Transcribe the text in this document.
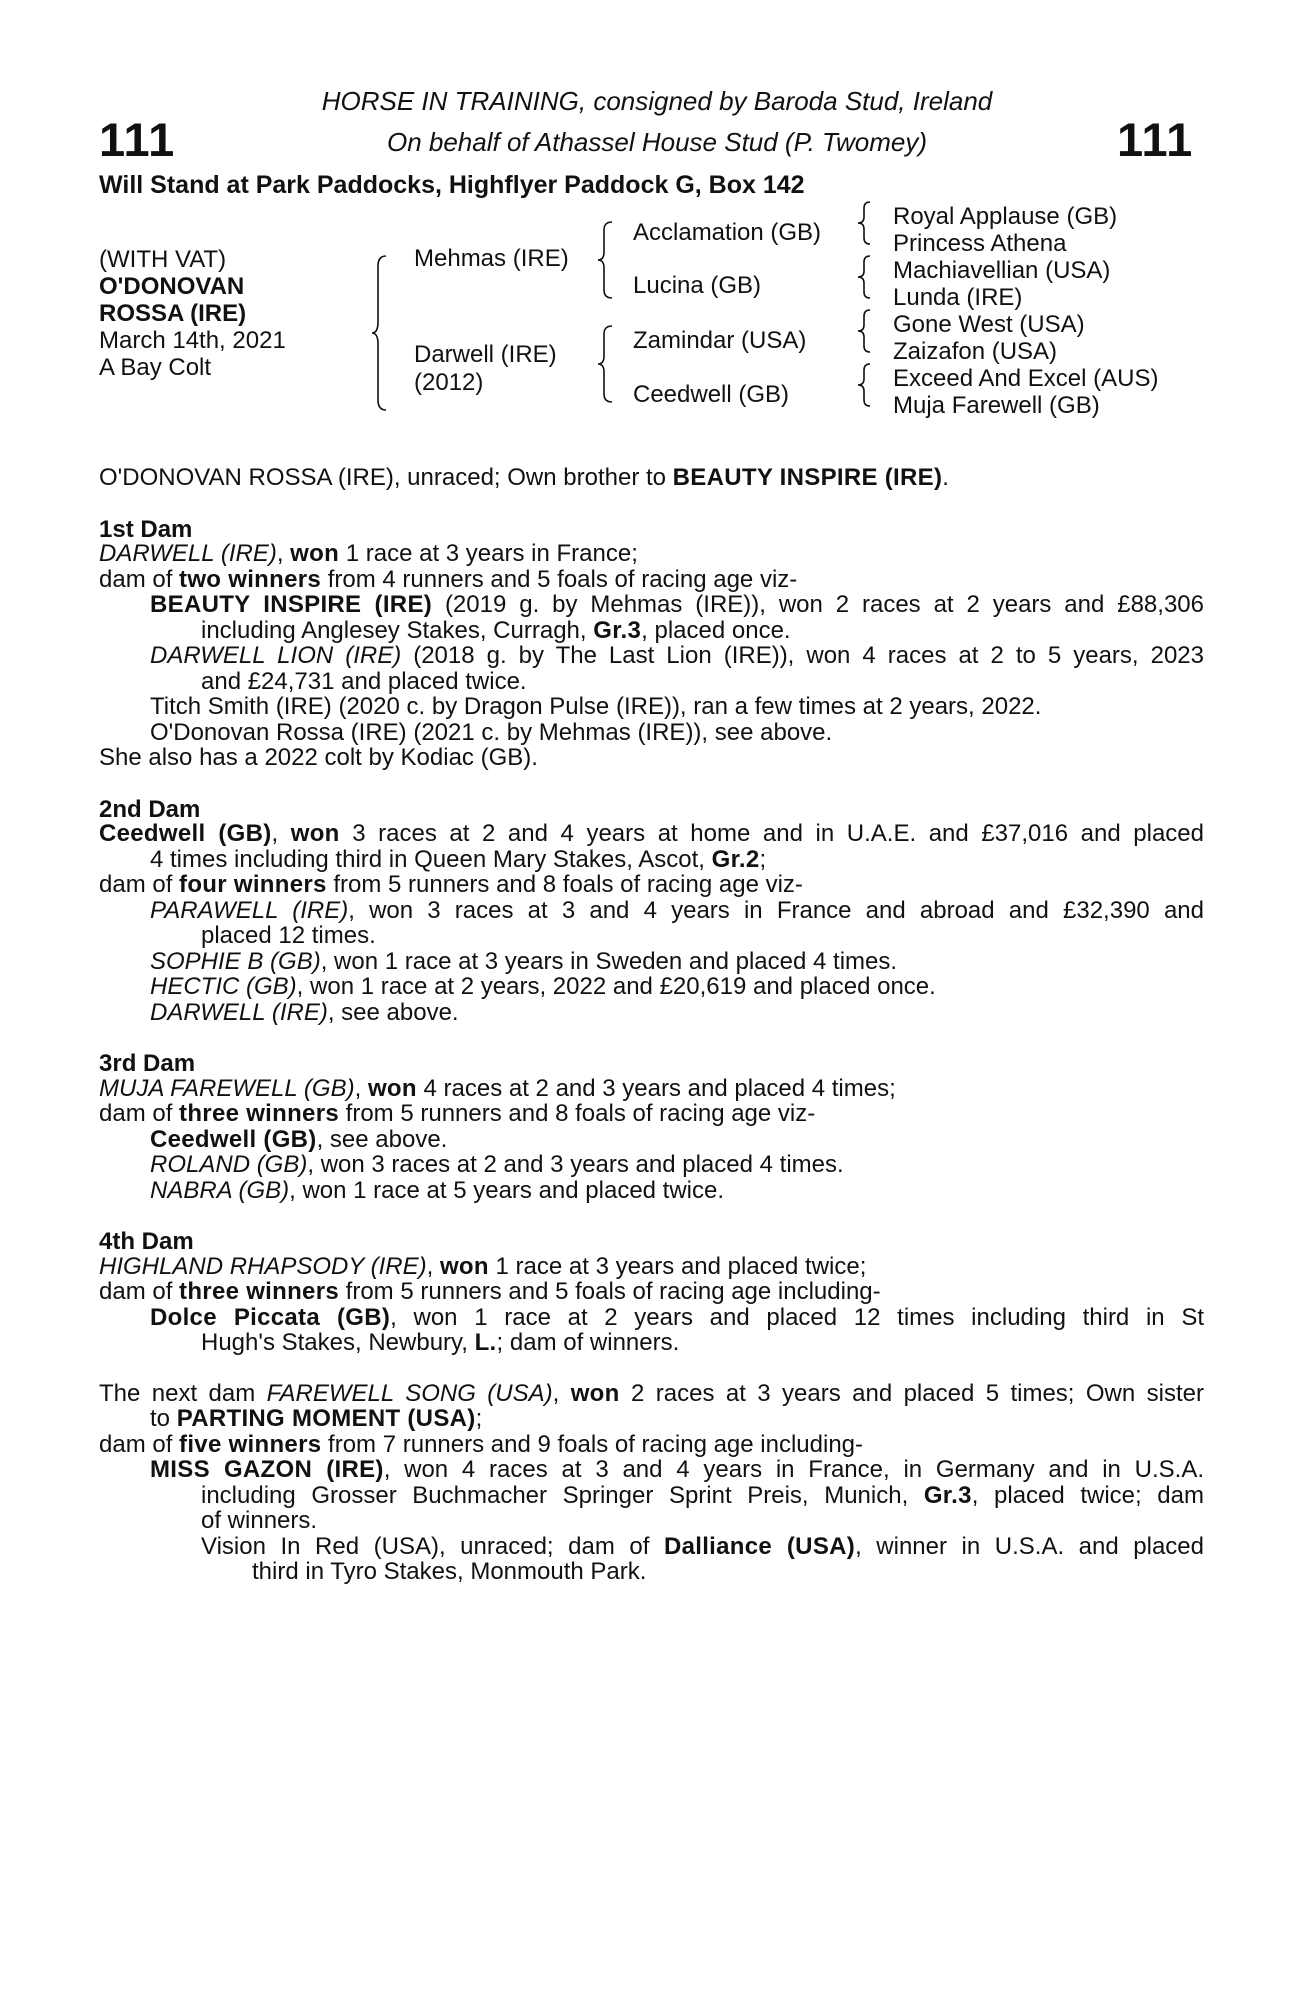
111	111
HORSE IN TRAINING, consigned by Baroda Stud, Ireland
On behalf of Athassel House Stud (P. Twomey)
Will Stand at Park Paddocks, Highflyer Paddock G, Box 142
(WITH VAT)
O'DONOVAN
ROSSA (IRE)
March 14th, 2021
A Bay Colt
Mehmas (IRE)
Darwell (IRE)
(2012)
Acclamation (GB)
Lucina (GB)
Zamindar (USA)
Ceedwell (GB)
Royal Applause (GB)
Princess Athena
Machiavellian (USA)
Lunda (IRE)
Gone West (USA)
Zaizafon (USA)
Exceed And Excel (AUS)
Muja Farewell (GB)
O'DONOVAN ROSSA (IRE), unraced; Own brother to BEAUTY INSPIRE (IRE).
1st Dam
DARWELL (IRE), won 1 race at 3 years in France;
dam of two winners from 4 runners and 5 foals of racing age viz-
BEAUTY INSPIRE (IRE) (2019 g. by Mehmas (IRE)), won 2 races at 2 years and £88,306
including Anglesey Stakes, Curragh, Gr.3, placed once.
DARWELL LION (IRE) (2018 g. by The Last Lion (IRE)), won 4 races at 2 to 5 years, 2023
and £24,731 and placed twice.
Titch Smith (IRE) (2020 c. by Dragon Pulse (IRE)), ran a few times at 2 years, 2022.
O'Donovan Rossa (IRE) (2021 c. by Mehmas (IRE)), see above.
She also has a 2022 colt by Kodiac (GB).
2nd Dam
Ceedwell (GB), won 3 races at 2 and 4 years at home and in U.A.E. and £37,016 and placed
4 times including third in Queen Mary Stakes, Ascot, Gr.2;
dam of four winners from 5 runners and 8 foals of racing age viz-
PARAWELL (IRE), won 3 races at 3 and 4 years in France and abroad and £32,390 and
placed 12 times.
SOPHIE B (GB), won 1 race at 3 years in Sweden and placed 4 times.
HECTIC (GB), won 1 race at 2 years, 2022 and £20,619 and placed once.
DARWELL (IRE), see above.
3rd Dam
MUJA FAREWELL (GB), won 4 races at 2 and 3 years and placed 4 times;
dam of three winners from 5 runners and 8 foals of racing age viz-
Ceedwell (GB), see above.
ROLAND (GB), won 3 races at 2 and 3 years and placed 4 times.
NABRA (GB), won 1 race at 5 years and placed twice.
4th Dam
HIGHLAND RHAPSODY (IRE), won 1 race at 3 years and placed twice;
dam of three winners from 5 runners and 5 foals of racing age including-
Dolce Piccata (GB), won 1 race at 2 years and placed 12 times including third in St
Hugh's Stakes, Newbury, L.; dam of winners.
The next dam FAREWELL SONG (USA), won 2 races at 3 years and placed 5 times; Own sister
to PARTING MOMENT (USA);
dam of five winners from 7 runners and 9 foals of racing age including-
MISS GAZON (IRE), won 4 races at 3 and 4 years in France, in Germany and in U.S.A.
including Grosser Buchmacher Springer Sprint Preis, Munich, Gr.3, placed twice; dam
of winners.
Vision In Red (USA), unraced; dam of Dalliance (USA), winner in U.S.A. and placed
third in Tyro Stakes, Monmouth Park.
